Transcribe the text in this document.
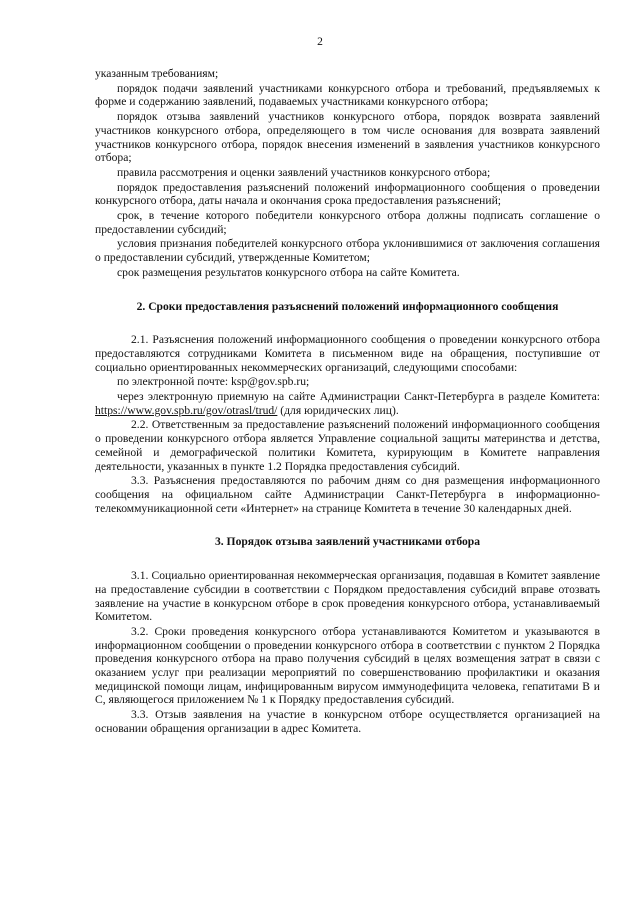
2

указанным требованиям;

порядок подачи заявлений участниками конкурсного отбора и требований, предъявляемых к форме и содержанию заявлений, подаваемых участниками конкурсного отбора;

порядок отзыва заявлений участников конкурсного отбора, порядок возврата заявлений участников конкурсного отбора, определяющего в том числе основания для возврата заявлений участников конкурсного отбора, порядок внесения изменений в заявления участников конкурсного отбора;

правила рассмотрения и оценки заявлений участников конкурсного отбора;

порядок предоставления разъяснений положений информационного сообщения о проведении конкурсного отбора, даты начала и окончания срока предоставления разъяснений;

срок, в течение которого победители конкурсного отбора должны подписать соглашение о предоставлении субсидий;

условия признания победителей конкурсного отбора уклонившимися от заключения соглашения о предоставлении субсидий, утвержденные Комитетом;

срок размещения результатов конкурсного отбора на сайте Комитета.

2. Сроки предоставления разъяснений положений информационного сообщения

2.1. Разъяснения положений информационного сообщения о проведении конкурсного отбора предоставляются сотрудниками Комитета в письменном виде на обращения, поступившие от социально ориентированных некоммерческих организаций, следующими способами:

по электронной почте: ksp@gov.spb.ru;

через электронную приемную на сайте Администрации Санкт-Петербурга в разделе Комитета: https://www.gov.spb.ru/gov/otrasl/trud/ (для юридических лиц).

2.2. Ответственным за предоставление разъяснений положений информационного сообщения о проведении конкурсного отбора является Управление социальной защиты материнства и детства, семейной и демографической политики Комитета, курирующим в Комитете направления деятельности, указанных в пункте 1.2 Порядка предоставления субсидий.

3.3. Разъяснения предоставляются по рабочим дням со дня размещения информационного сообщения на официальном сайте Администрации Санкт-Петербурга в информационно-телекоммуникационной сети «Интернет» на странице Комитета в течение 30 календарных дней.

3. Порядок отзыва заявлений участниками отбора

3.1. Социально ориентированная некоммерческая организация, подавшая в Комитет заявление на предоставление субсидии в соответствии с Порядком предоставления субсидий вправе отозвать заявление на участие в конкурсном отборе в срок проведения конкурсного отбора, устанавливаемый Комитетом.

3.2. Сроки проведения конкурсного отбора устанавливаются Комитетом и указываются в информационном сообщении о проведении конкурсного отбора в соответствии с пунктом 2 Порядка проведения конкурсного отбора на право получения субсидий в целях возмещения затрат в связи с оказанием услуг при реализации мероприятий по совершенствованию профилактики и оказания медицинской помощи лицам, инфицированным вирусом иммунодефицита человека, гепатитами В и С, являющегося приложением № 1 к Порядку предоставления субсидий.

3.3. Отзыв заявления на участие в конкурсном отборе осуществляется организацией на основании обращения организации в адрес Комитета.
